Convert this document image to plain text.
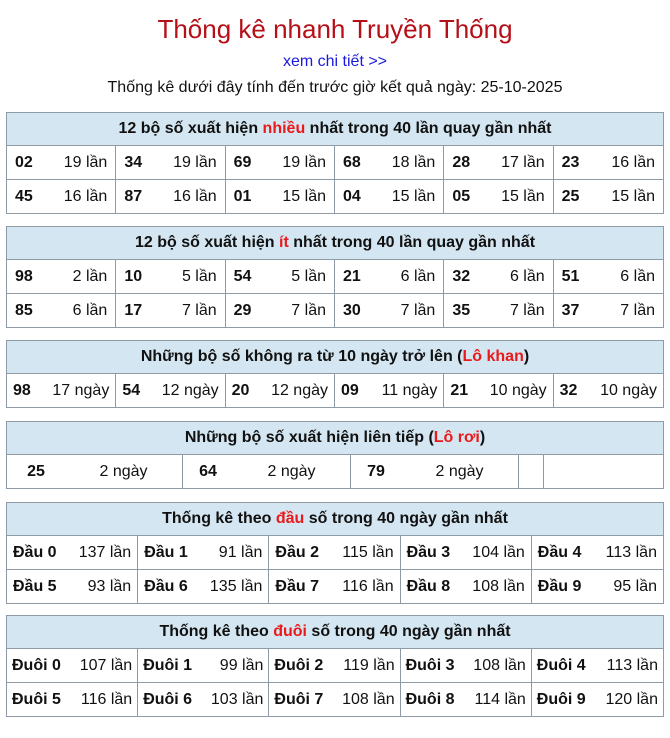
Thống kê nhanh Truyền Thống
xem chi tiết >>
Thống kê dưới đây tính đến trước giờ kết quả ngày: 25-10-2025
12 bộ số xuất hiện nhiều nhất trong 40 lần quay gần nhất
02 19 lần 34 19 lần 69 19 lần 68 18 lần 28 17 lần 23 16 lần
45 16 lần 87 16 lần 01 15 lần 04 15 lần 05 15 lần 25 15 lần
12 bộ số xuất hiện ít nhất trong 40 lần quay gần nhất
98 2 lần 10 5 lần 54 5 lần 21 6 lần 32 6 lần 51	6 lần
85 6 lần 17 7 lần 29 7 lần 30 7 lần 35 7 lần 37	7 lần
Những bộ số không ra từ 10 ngày trở lên (Lô khan)
98 17 ngày 54 12 ngày 20 12 ngày 09 11 ngày 21 10 ngày 32 10 ngày
Những bộ số xuất hiện liên tiếp (Lô rơi)
25	2 ngày	64	2 ngày	79	2 ngày
Thống kê theo đầu số trong 40 ngày gần nhất
Đầu 0 137 lần Đầu 1 91 lần Đầu 2 115 lần Đầu 3 104 lần Đầu 4 113 lần
Đầu 5 93 lần Đầu 6 135 lần Đầu 7 116 lần Đầu 8 108 lần Đầu 9 95 lần
Thống kê theo đuôi số trong 40 ngày gần nhất
Đuôi 0 107 lần Đuôi 1 99 lần Đuôi 2 119 lần Đuôi 3 108 lần Đuôi 4 113 lần
Đuôi 5 116 lần Đuôi 6 103 lần Đuôi 7 108 lần Đuôi 8 114 lần Đuôi 9 120 lần
